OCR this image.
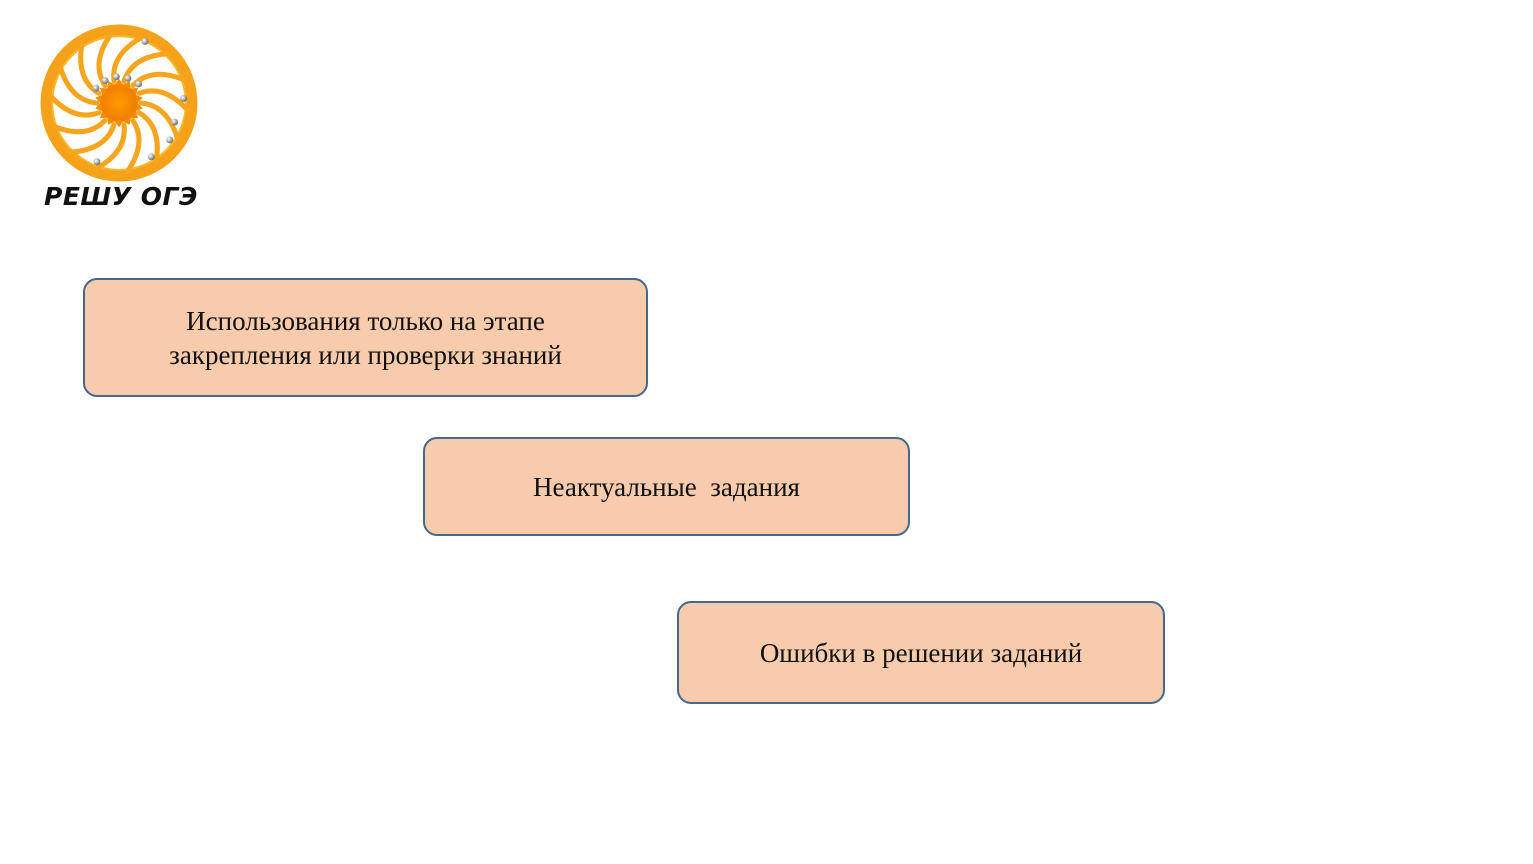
РЕШУ ОГЭ
Использования только на этапе
закрепления или проверки знаний
Неактуальные  задания
Ошибки в решении заданий
